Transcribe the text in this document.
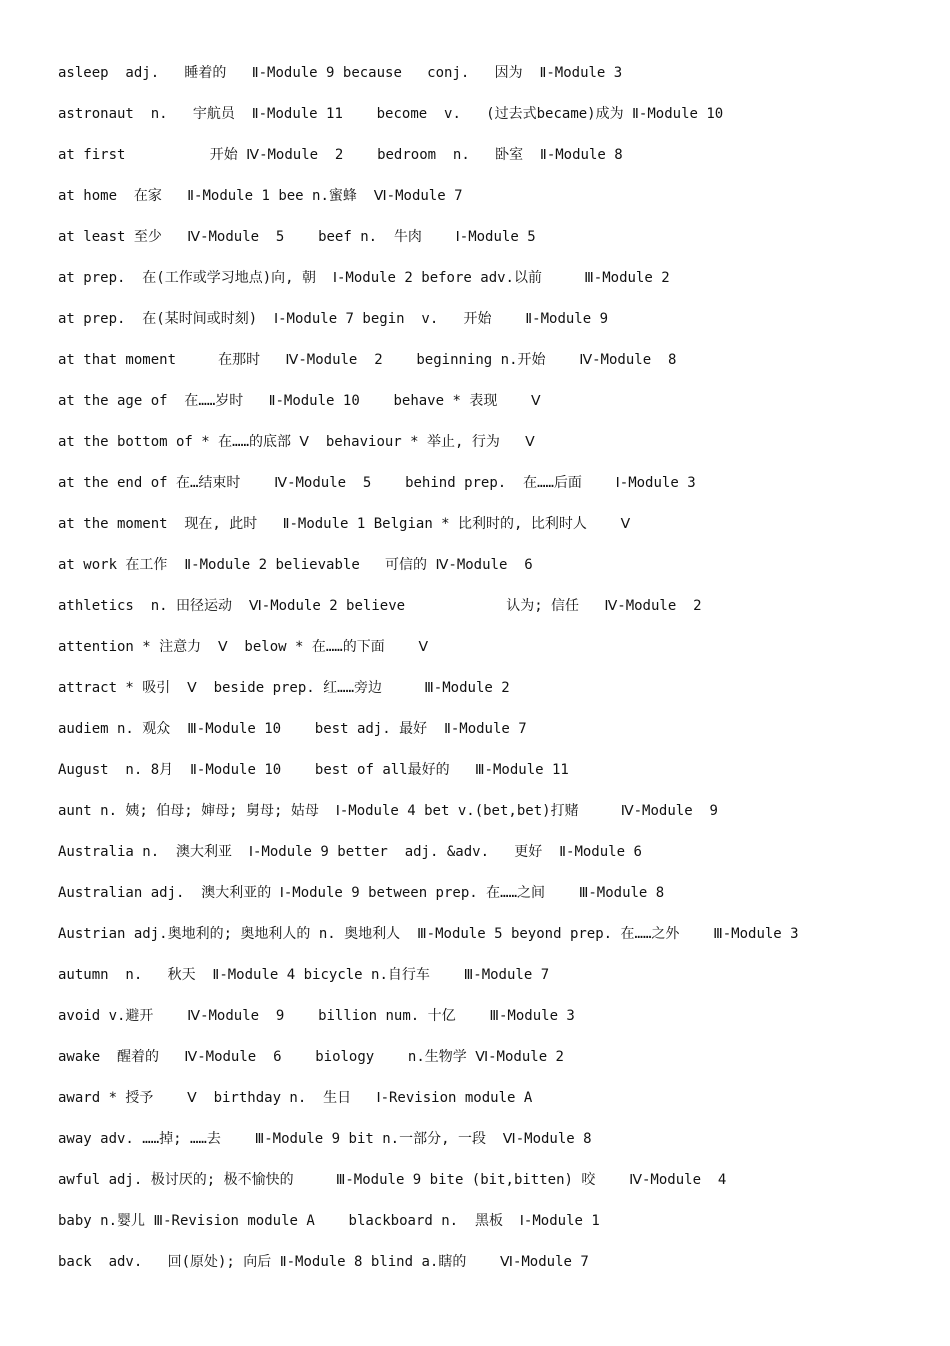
asleep  adj.   睡着的   Ⅱ-Module 9 because   conj.   因为  Ⅱ-Module 3
astronaut  n.   宇航员  Ⅱ-Module 11    become  v.   (过去式became)成为 Ⅱ-Module 10
at first          开始 Ⅳ-Module  2    bedroom  n.   卧室  Ⅱ-Module 8
at home  在家   Ⅱ-Module 1 bee n.蜜蜂  Ⅵ-Module 7
at least 至少   Ⅳ-Module  5    beef n.  牛肉    Ⅰ-Module 5
at prep.  在(工作或学习地点)向, 朝  Ⅰ-Module 2 before adv.以前     Ⅲ-Module 2
at prep.  在(某时间或时刻)  Ⅰ-Module 7 begin  v.   开始    Ⅱ-Module 9
at that moment     在那时   Ⅳ-Module  2    beginning n.开始    Ⅳ-Module  8
at the age of  在……岁时   Ⅱ-Module 10    behave * 表现    Ⅴ
at the bottom of * 在……的底部 Ⅴ  behaviour * 举止, 行为   Ⅴ
at the end of 在…结束时    Ⅳ-Module  5    behind prep.  在……后面    Ⅰ-Module 3
at the moment  现在, 此时   Ⅱ-Module 1 Belgian * 比利时的, 比利时人    Ⅴ
at work 在工作  Ⅱ-Module 2 believable   可信的 Ⅳ-Module  6
athletics  n. 田径运动  Ⅵ-Module 2 believe            认为; 信任   Ⅳ-Module  2
attention * 注意力  Ⅴ  below * 在……的下面    Ⅴ
attract * 吸引  Ⅴ  beside prep. 红……旁边     Ⅲ-Module 2
audiem n. 观众  Ⅲ-Module 10    best adj. 最好  Ⅱ-Module 7
August  n. 8月  Ⅱ-Module 10    best of all最好的   Ⅲ-Module 11
aunt n. 姨; 伯母; 婶母; 舅母; 姑母  Ⅰ-Module 4 bet v.(bet,bet)打赌     Ⅳ-Module  9
Australia n.  澳大利亚  Ⅰ-Module 9 better  adj. &adv.   更好  Ⅱ-Module 6
Australian adj.  澳大利亚的 Ⅰ-Module 9 between prep. 在……之间    Ⅲ-Module 8
Austrian adj.奥地利的; 奥地利人的 n. 奥地利人  Ⅲ-Module 5 beyond prep. 在……之外    Ⅲ-Module 3
autumn  n.   秋天  Ⅱ-Module 4 bicycle n.自行车    Ⅲ-Module 7
avoid v.避开    Ⅳ-Module  9    billion num. 十亿    Ⅲ-Module 3
awake  醒着的   Ⅳ-Module  6    biology    n.生物学 Ⅵ-Module 2
award * 授予    Ⅴ  birthday n.  生日   Ⅰ-Revision module A
away adv. ……掉; ……去    Ⅲ-Module 9 bit n.一部分, 一段  Ⅵ-Module 8
awful adj. 极讨厌的; 极不愉快的     Ⅲ-Module 9 bite (bit,bitten) 咬    Ⅳ-Module  4
baby n.婴儿 Ⅲ-Revision module A    blackboard n.  黑板  Ⅰ-Module 1
back  adv.   回(原处); 向后 Ⅱ-Module 8 blind a.瞎的    Ⅵ-Module 7
